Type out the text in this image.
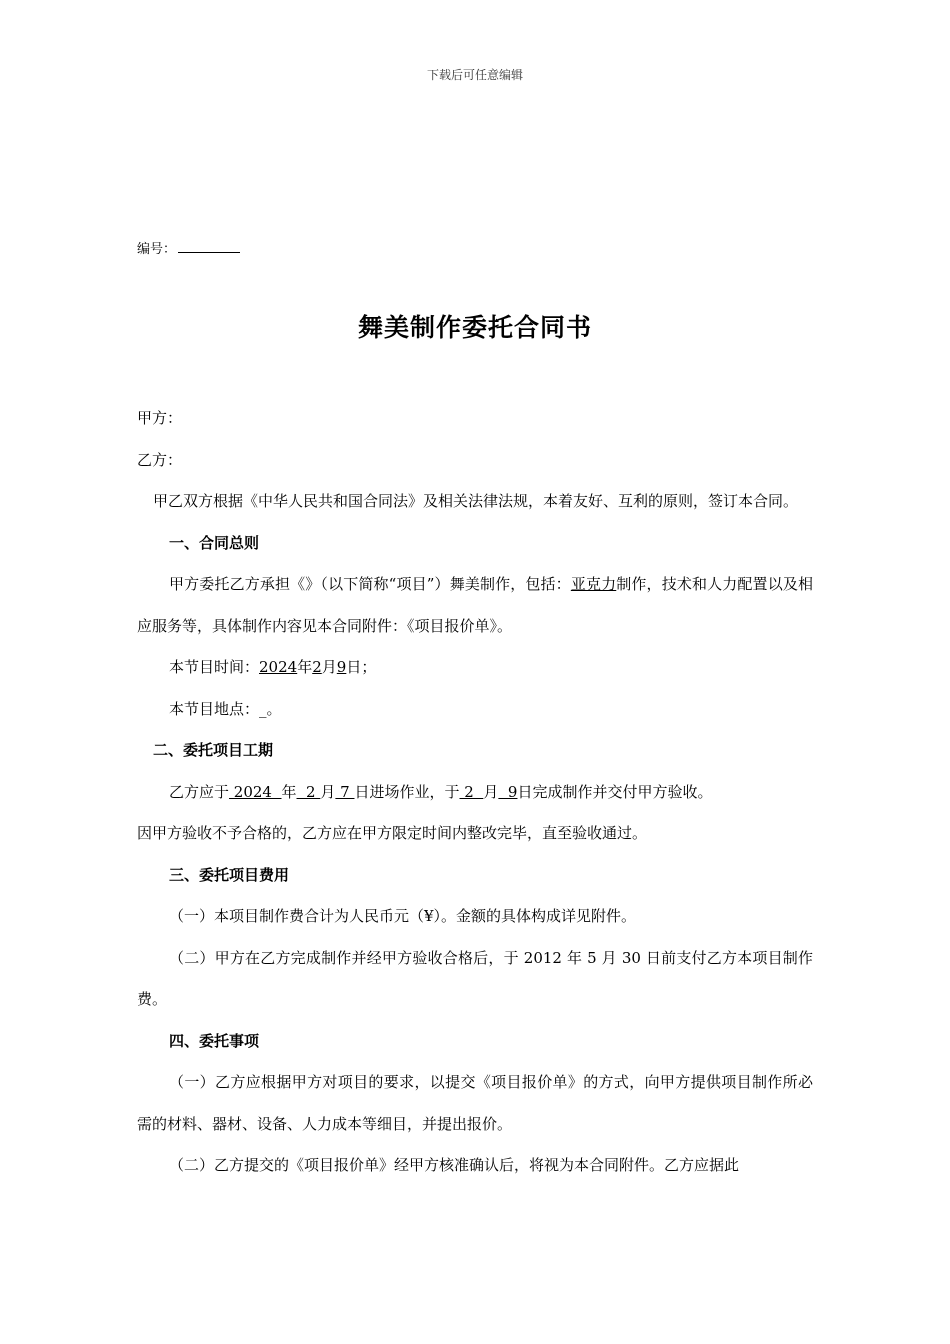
下载后可任意编辑
编号：
舞美制作委托合同书

甲方：

乙方：

甲乙双方根据《中华人民共和国合同法》及相关法律法规，本着友好、互利的原则，签订本合同。

一、合同总则

甲方委托乙方承担《》（以下简称“项目”）舞美制作，包括：亚克力制作，技术和人力配置以及相应服务等，具体制作内容见本合同附件：《项目报价单》。

本节目时间：2024年2月9日；

本节目地点：_。

二、委托项目工期

乙方应于 2024  年  2 月 7 日进场作业，于 2  月  9日完成制作并交付甲方验收。

因甲方验收不予合格的，乙方应在甲方限定时间内整改完毕，直至验收通过。

三、委托项目费用

（一）本项目制作费合计为人民币元（¥）。金额的具体构成详见附件。

（二）甲方在乙方完成制作并经甲方验收合格后，于 2012 年 5 月 30 日前支付乙方本项目制作费。

四、委托事项

（一）乙方应根据甲方对项目的要求，以提交《项目报价单》的方式，向甲方提供项目制作所必需的材料、器材、设备、人力成本等细目，并提出报价。

（二）乙方提交的《项目报价单》经甲方核准确认后，将视为本合同附件。乙方应据此
